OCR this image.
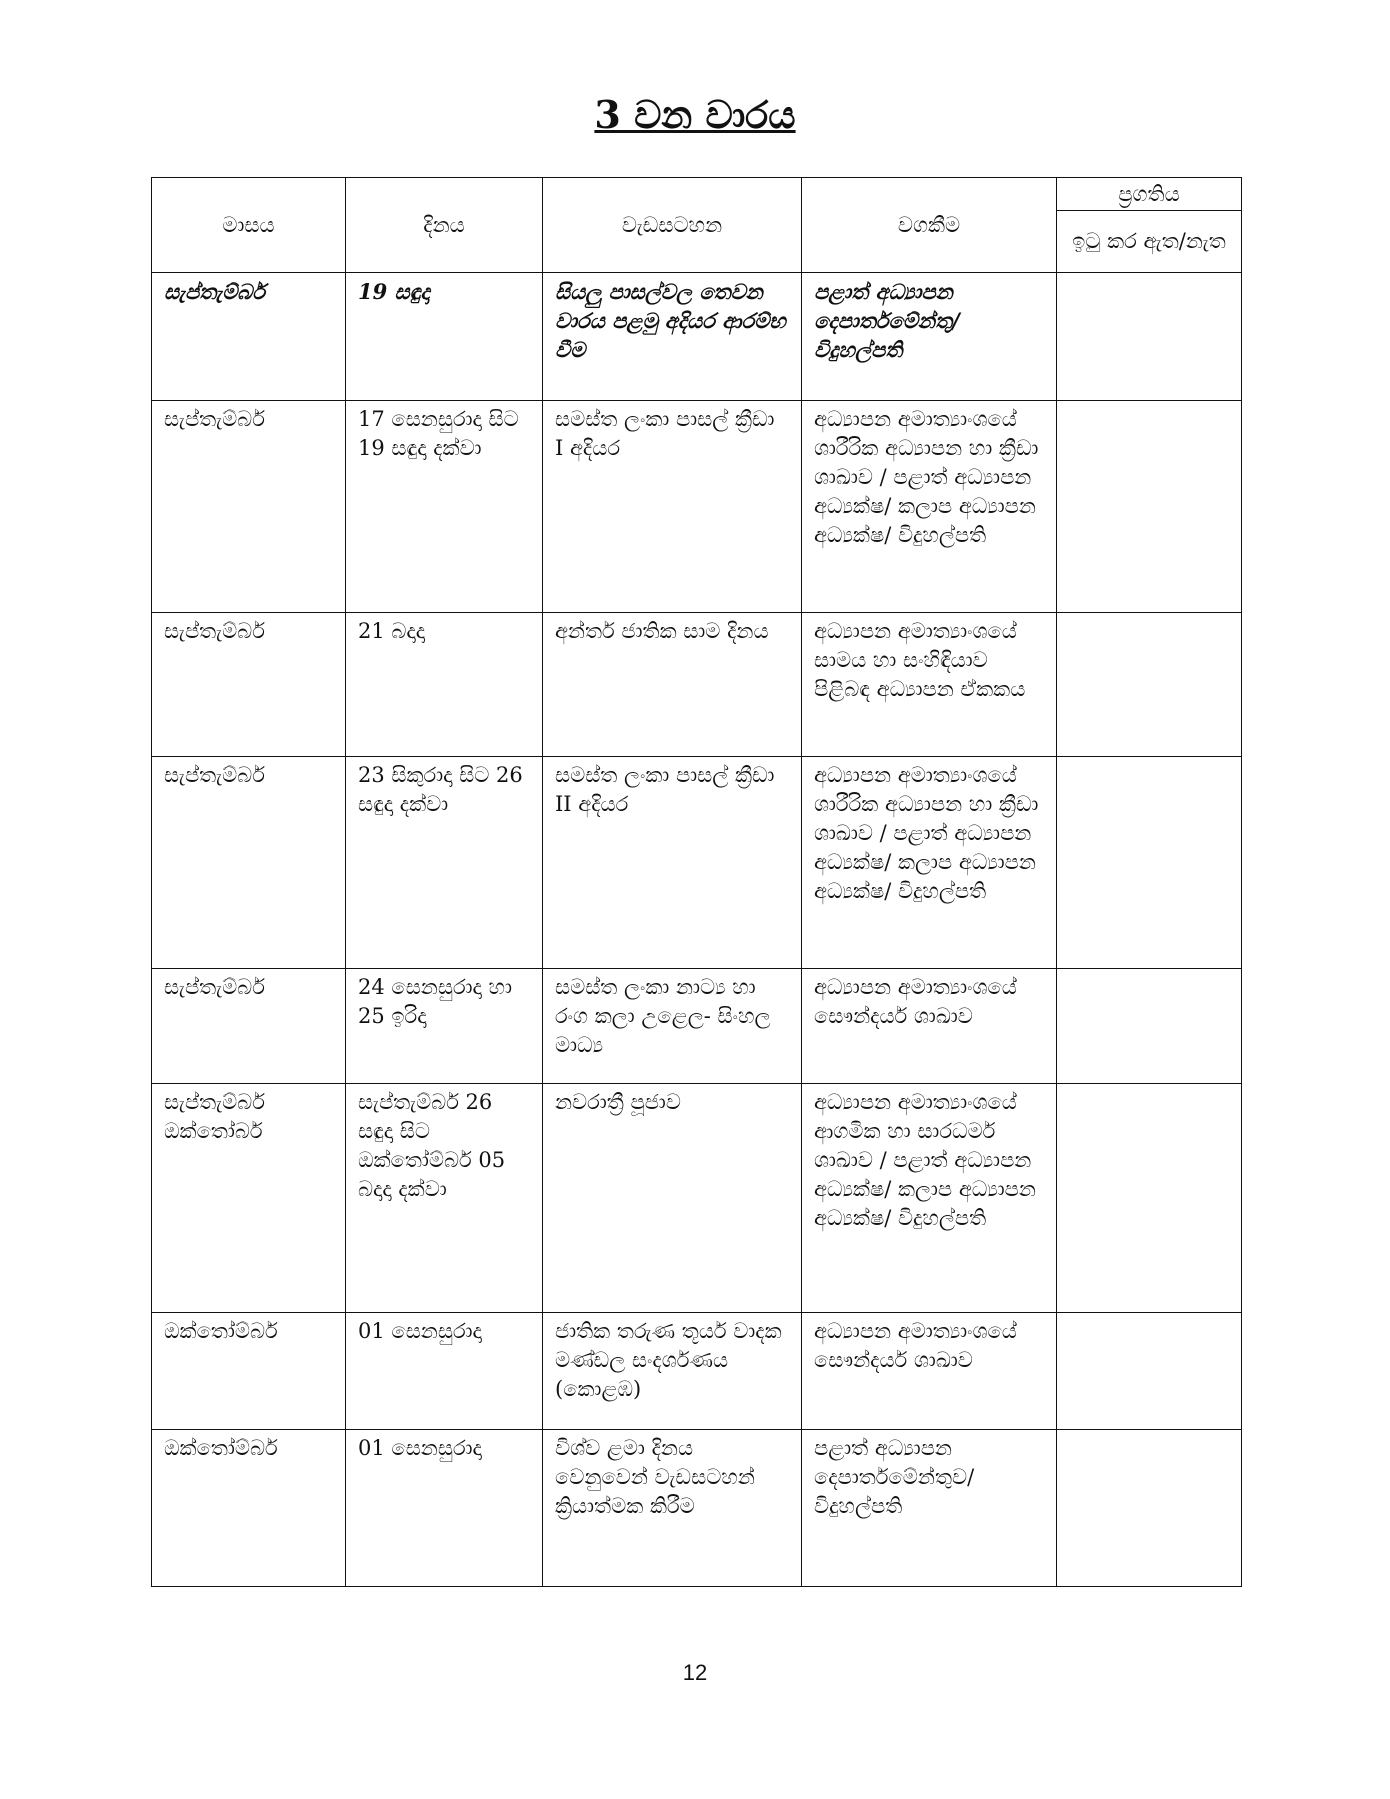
3 වන වාරය
මාසය	දිනය	වැඩසටහන	වගකීම	ප්‍රගතිය
				ඉටු කර ඇත/නැත
සැප්තැම්බර්	19 සඳුදා	සියලු පාසල්වල තෙවන වාරය පළමු අදියර ආරම්භ වීම	පළාත් අධ්‍යාපන දෙපාර්තමේන්තු/ විදුහල්පති	
සැප්තැම්බර්	17 සෙනසුරාදා සිට 19 සඳුදා දක්වා	සමස්ත ලංකා පාසල් ක්‍රීඩා I අදියර	අධ්‍යාපන අමාත්‍යාංශයේ ශාරීරික අධ්‍යාපන හා ක්‍රීඩා ශාඛාව / පළාත් අධ්‍යාපන අධ්‍යක්ෂ/ කලාප අධ්‍යාපන අධ්‍යක්ෂ/ විදුහල්පති	
සැප්තැම්බර්	21 බදාදා	අන්තර් ජාතික සාම දිනය	අධ්‍යාපන අමාත්‍යාංශයේ සාමය හා සංහිඳියාව පිළිබඳ අධ්‍යාපන ඒකකය	
සැප්තැම්බර්	23 සිකුරාදා සිට 26 සඳුදා දක්වා	සමස්ත ලංකා පාසල් ක්‍රීඩා II අදියර	අධ්‍යාපන අමාත්‍යාංශයේ ශාරීරික අධ්‍යාපන හා ක්‍රීඩා ශාඛාව / පළාත් අධ්‍යාපන අධ්‍යක්ෂ/ කලාප අධ්‍යාපන අධ්‍යක්ෂ/ විදුහල්පති	
සැප්තැම්බර්	24 සෙනසුරාදා හා 25 ඉරිදා	සමස්ත ලංකා නාට්‍ය හා රංග කලා උළෙල- සිංහල මාධ්‍ය	අධ්‍යාපන අමාත්‍යාංශයේ සෞන්දර්ය ශාඛාව	
සැප්තැම්බර් ඔක්තෝබර්	සැප්තැම්බර් 26 සඳුදා සිට ඔක්තෝම්බර් 05 බදාදා දක්වා	නවරාත්‍රී පූජාව	අධ්‍යාපන අමාත්‍යාංශයේ ආගමික හා සාරධර්ම ශාඛාව / පළාත් අධ්‍යාපන අධ්‍යක්ෂ/ කලාප අධ්‍යාපන අධ්‍යක්ෂ/ විදුහල්පති	
ඔක්තෝම්බර්	01 සෙනසුරාදා	ජාතික තරුණ තූර්ය වාදක මණ්ඩල සංදර්ශණය (කොළඹ)	අධ්‍යාපන අමාත්‍යාංශයේ සෞන්දර්ය ශාඛාව	
ඔක්තෝම්බර්	01 සෙනසුරාදා	විශ්ව ළමා දිනය වෙනුවෙන් වැඩසටහන් ක්‍රියාත්මක කිරීම	පළාත් අධ්‍යාපන දෙපාර්තමේන්තුව/ විදුහල්පති	
12
